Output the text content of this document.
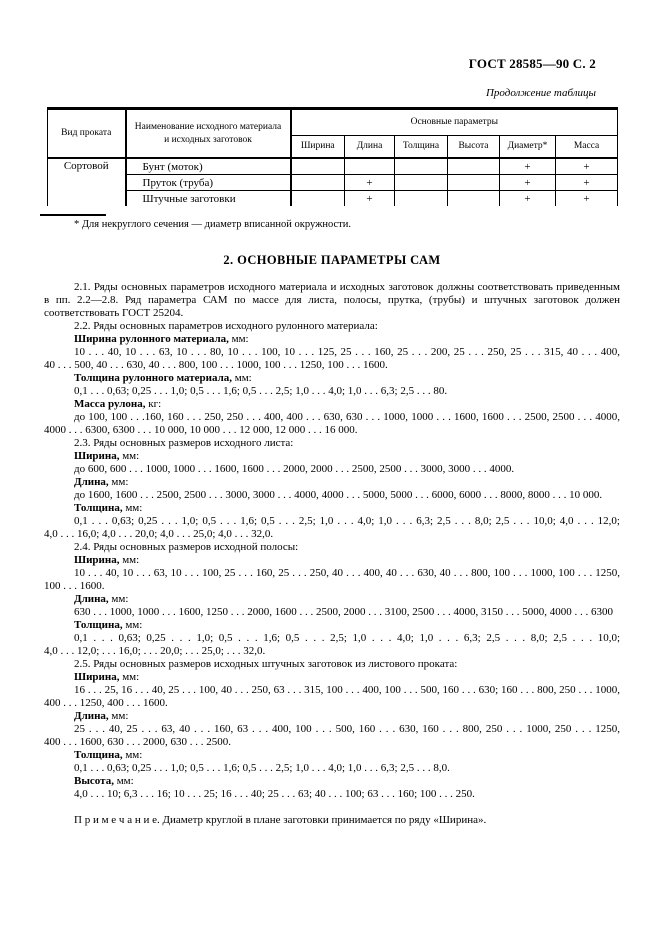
ГОСТ 28585—90 С. 2
Продолжение таблицы
Вид проката	Наименование исходного материала и исходных заготовок	Основные параметры					
		Ширина	Длина	Толщина	Высота	Диаметр*	Масса
Сортовой	Бунт (моток)					+	+
	Пруток (труба)		+			+	+
	Штучные заготовки		+			+	+

* Для некруглого сечения — диаметр вписанной окружности.

2. ОСНОВНЫЕ ПАРАМЕТРЫ САМ

2.1. Ряды основных параметров исходного материала и исходных заготовок должны соответствовать приведенным в пп. 2.2—2.8. Ряд параметра САМ по массе для листа, полосы, прутка, (трубы) и штучных заготовок должен соответствовать ГОСТ 25204.

2.2. Ряды основных параметров исходного рулонного материала:

Ширина рулонного материала, мм:

10 . . . 40, 10 . . . 63, 10 . . . 80, 10 . . . 100, 10 . . . 125, 25 . . . 160, 25 . . . 200, 25 . . . 250, 25 . . . 315, 40 . . . 400, 40 . . . 500, 40 . . . 630, 40 . . . 800, 100 . . . 1000, 100 . . . 1250, 100 . . . 1600.

Толщина рулонного материала, мм:

0,1 . . . 0,63; 0,25 . . . 1,0; 0,5 . . . 1,6; 0,5 . . . 2,5; 1,0 . . . 4,0; 1,0 . . . 6,3; 2,5 . . . 80.

Масса рулона, кг:

до 100, 100 . . .160, 160 . . . 250, 250 . . . 400, 400 . . . 630, 630 . . . 1000, 1000 . . . 1600, 1600 . . . 2500, 2500 . . . 4000, 4000 . . . 6300, 6300 . . . 10 000, 10 000 . . . 12 000, 12 000 . . . 16 000.

2.3. Ряды основных размеров исходного листа:

Ширина, мм:

до 600, 600 . . . 1000, 1000 . . . 1600, 1600 . . . 2000, 2000 . . . 2500, 2500 . . . 3000, 3000 . . . 4000.

Длина, мм:

до 1600, 1600 . . . 2500, 2500 . . . 3000, 3000 . . . 4000, 4000 . . . 5000, 5000 . . . 6000, 6000 . . . 8000, 8000 . . . 10 000.

Толщина, мм:

0,1 . . . 0,63; 0,25 . . . 1,0; 0,5 . . . 1,6; 0,5 . . . 2,5; 1,0 . . . 4,0; 1,0 . . . 6,3; 2,5 . . . 8,0; 2,5 . . . 10,0; 4,0 . . . 12,0; 4,0 . . . 16,0; 4,0 . . . 20,0; 4,0 . . . 25,0; 4,0 . . . 32,0.

2.4. Ряды основных размеров исходной полосы:

Ширина, мм:

10 . . . 40, 10 . . . 63, 10 . . . 100, 25 . . . 160, 25 . . . 250, 40 . . . 400, 40 . . . 630, 40 . . . 800, 100 . . . 1000, 100 . . . 1250, 100 . . . 1600.

Длина, мм:

630 . . . 1000, 1000 . . . 1600, 1250 . . . 2000, 1600 . . . 2500, 2000 . . . 3100, 2500 . . . 4000, 3150 . . . 5000, 4000 . . . 6300

Толщина, мм:

0,1 . . . 0,63; 0,25 . . . 1,0; 0,5 . . . 1,6; 0,5 . . . 2,5; 1,0 . . . 4,0; 1,0 . . . 6,3; 2,5 . . . 8,0; 2,5 . . . 10,0; 4,0 . . . 12,0; . . . 16,0; . . . 20,0; . . . 25,0; . . . 32,0.

2.5. Ряды основных размеров исходных штучных заготовок из листового проката:

Ширина, мм:

16 . . . 25, 16 . . . 40, 25 . . . 100, 40 . . . 250, 63 . . . 315, 100 . . . 400, 100 . . . 500, 160 . . . 630; 160 . . . 800, 250 . . . 1000, 400 . . . 1250, 400 . . . 1600.

Длина, мм:

25 . . . 40, 25 . . . 63, 40 . . . 160, 63 . . . 400, 100 . . . 500, 160 . . . 630, 160 . . . 800, 250 . . . 1000, 250 . . . 1250, 400 . . . 1600, 630 . . . 2000, 630 . . . 2500.

Толщина, мм:

0,1 . . . 0,63; 0,25 . . . 1,0; 0,5 . . . 1,6; 0,5 . . . 2,5; 1,0 . . . 4,0; 1,0 . . . 6,3; 2,5 . . . 8,0.

Высота, мм:

4,0 . . . 10; 6,3 . . . 16; 10 . . . 25; 16 . . . 40; 25 . . . 63; 40 . . . 100; 63 . . . 160; 100 . . . 250.

П р и м е ч а н и е. Диаметр круглой в плане заготовки принимается по ряду «Ширина».
